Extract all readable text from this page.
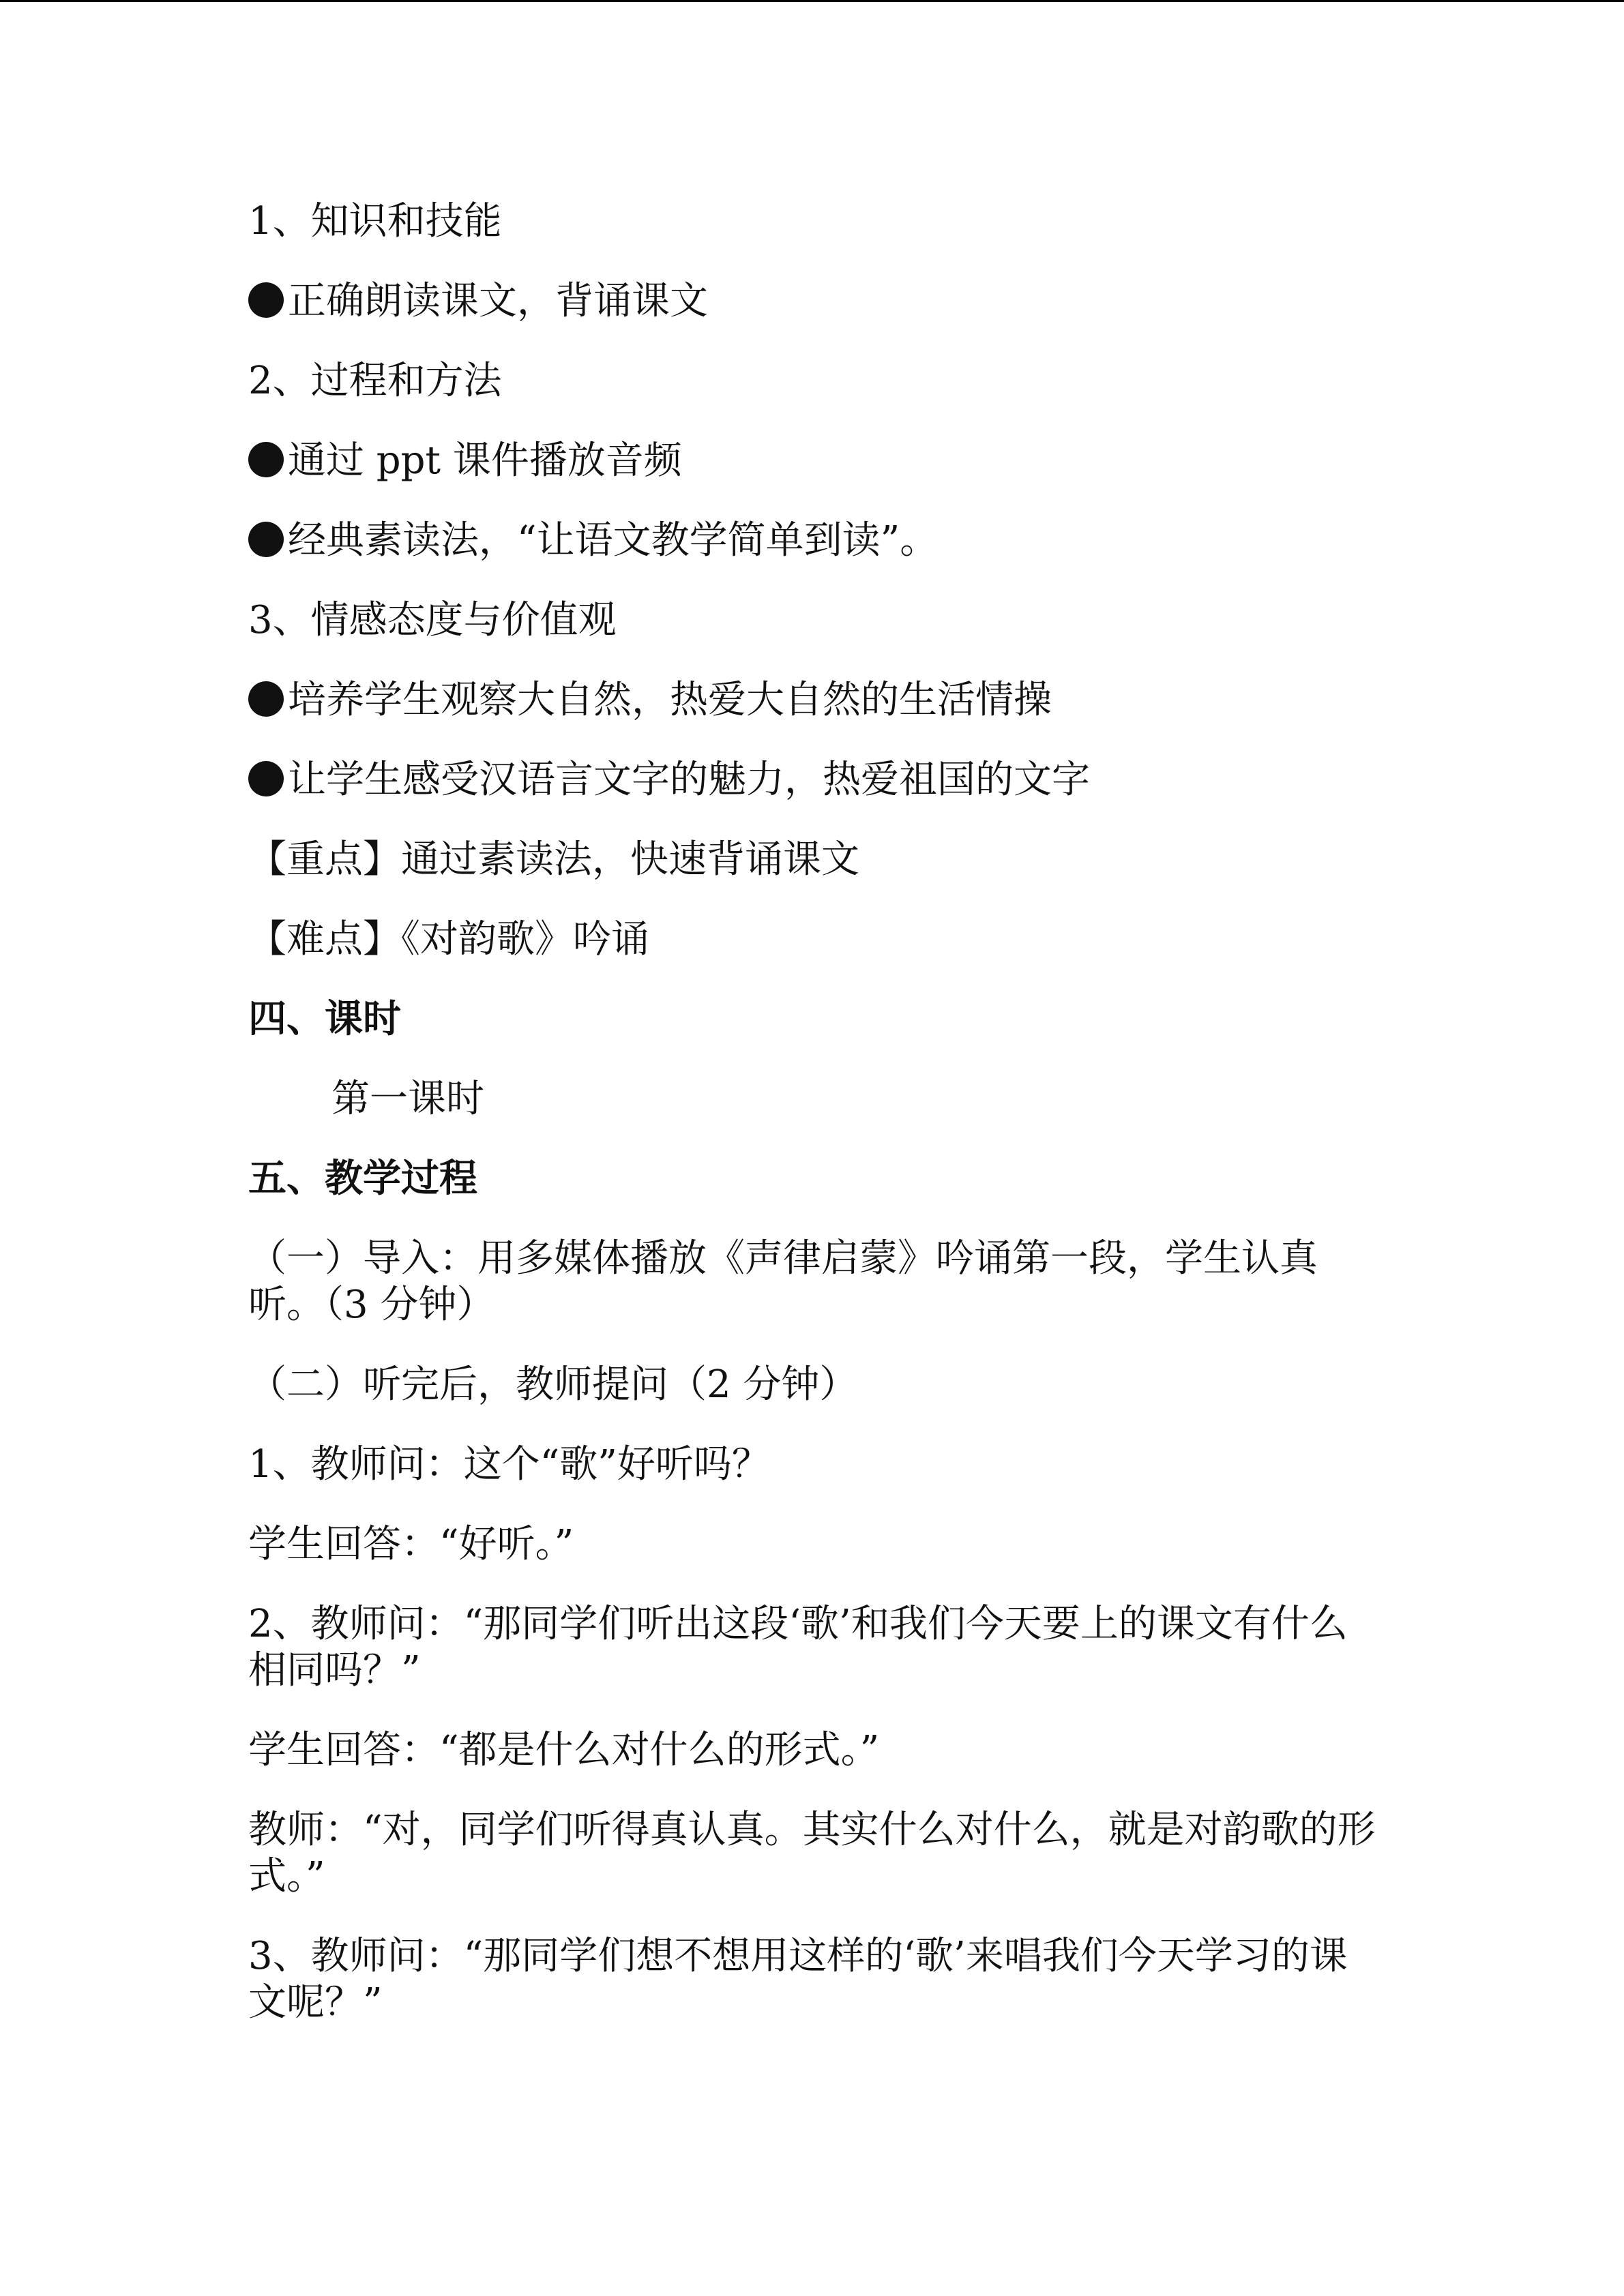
1、知识和技能
正确朗读课文，背诵课文
2、过程和方法
通过 ppt 课件播放音频
经典素读法，“让语文教学简单到读”。
3、情感态度与价值观
培养学生观察大自然，热爱大自然的生活情操
让学生感受汉语言文字的魅力，热爱祖国的文字
【重点】通过素读法，快速背诵课文
【难点】《对韵歌》吟诵
四、课时
第一课时
五、教学过程
（一）导入：用多媒体播放《声律启蒙》吟诵第一段，学生认真听。（3 分钟）
（二）听完后，教师提问（2 分钟）
1、教师问：这个“歌”好听吗？
学生回答：“好听。”
2、教师问：“那同学们听出这段‘歌’和我们今天要上的课文有什么相同吗？”
学生回答：“都是什么对什么的形式。”
教师：“对，同学们听得真认真。其实什么对什么，就是对韵歌的形式。”
3、教师问：“那同学们想不想用这样的‘歌’来唱我们今天学习的课文呢？”
